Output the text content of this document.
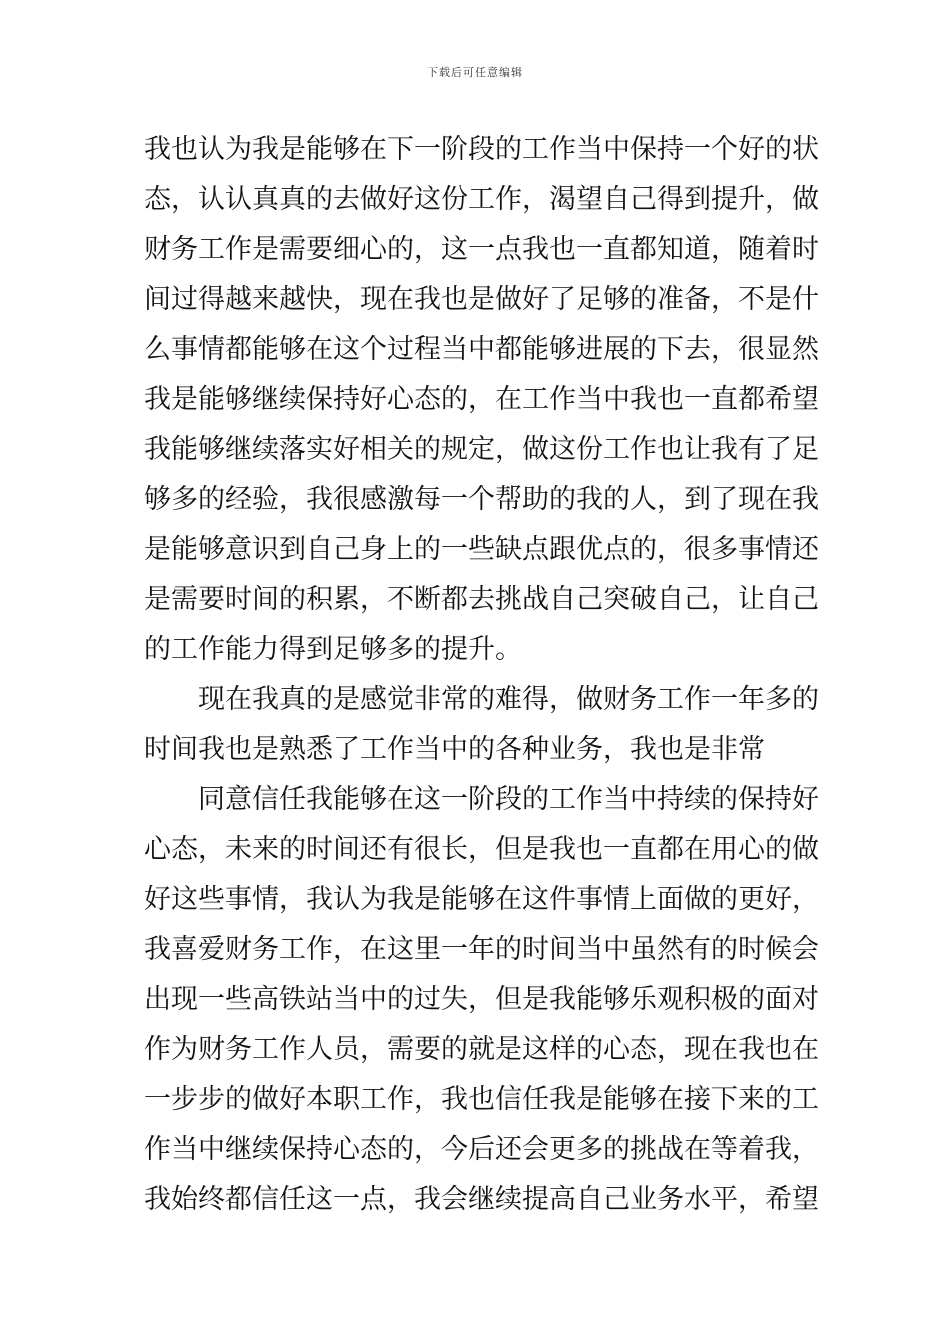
下载后可任意编辑
我也认为我是能够在下一阶段的工作当中保持一个好的状
态，认认真真的去做好这份工作，渴望自己得到提升，做
财务工作是需要细心的，这一点我也一直都知道，随着时
间过得越来越快，现在我也是做好了足够的准备，不是什
么事情都能够在这个过程当中都能够进展的下去，很显然
我是能够继续保持好心态的，在工作当中我也一直都希望
我能够继续落实好相关的规定，做这份工作也让我有了足
够多的经验，我很感激每一个帮助的我的人，到了现在我
是能够意识到自己身上的一些缺点跟优点的，很多事情还
是需要时间的积累，不断都去挑战自己突破自己，让自己
的工作能力得到足够多的提升。
现在我真的是感觉非常的难得，做财务工作一年多的
时间我也是熟悉了工作当中的各种业务，我也是非常
同意信任我能够在这一阶段的工作当中持续的保持好
心态，未来的时间还有很长，但是我也一直都在用心的做
好这些事情，我认为我是能够在这件事情上面做的更好，
我喜爱财务工作，在这里一年的时间当中虽然有的时候会
出现一些高铁站当中的过失，但是我能够乐观积极的面对
作为财务工作人员，需要的就是这样的心态，现在我也在
一步步的做好本职工作，我也信任我是能够在接下来的工
作当中继续保持心态的，今后还会更多的挑战在等着我，
我始终都信任这一点，我会继续提高自己业务水平，希望
